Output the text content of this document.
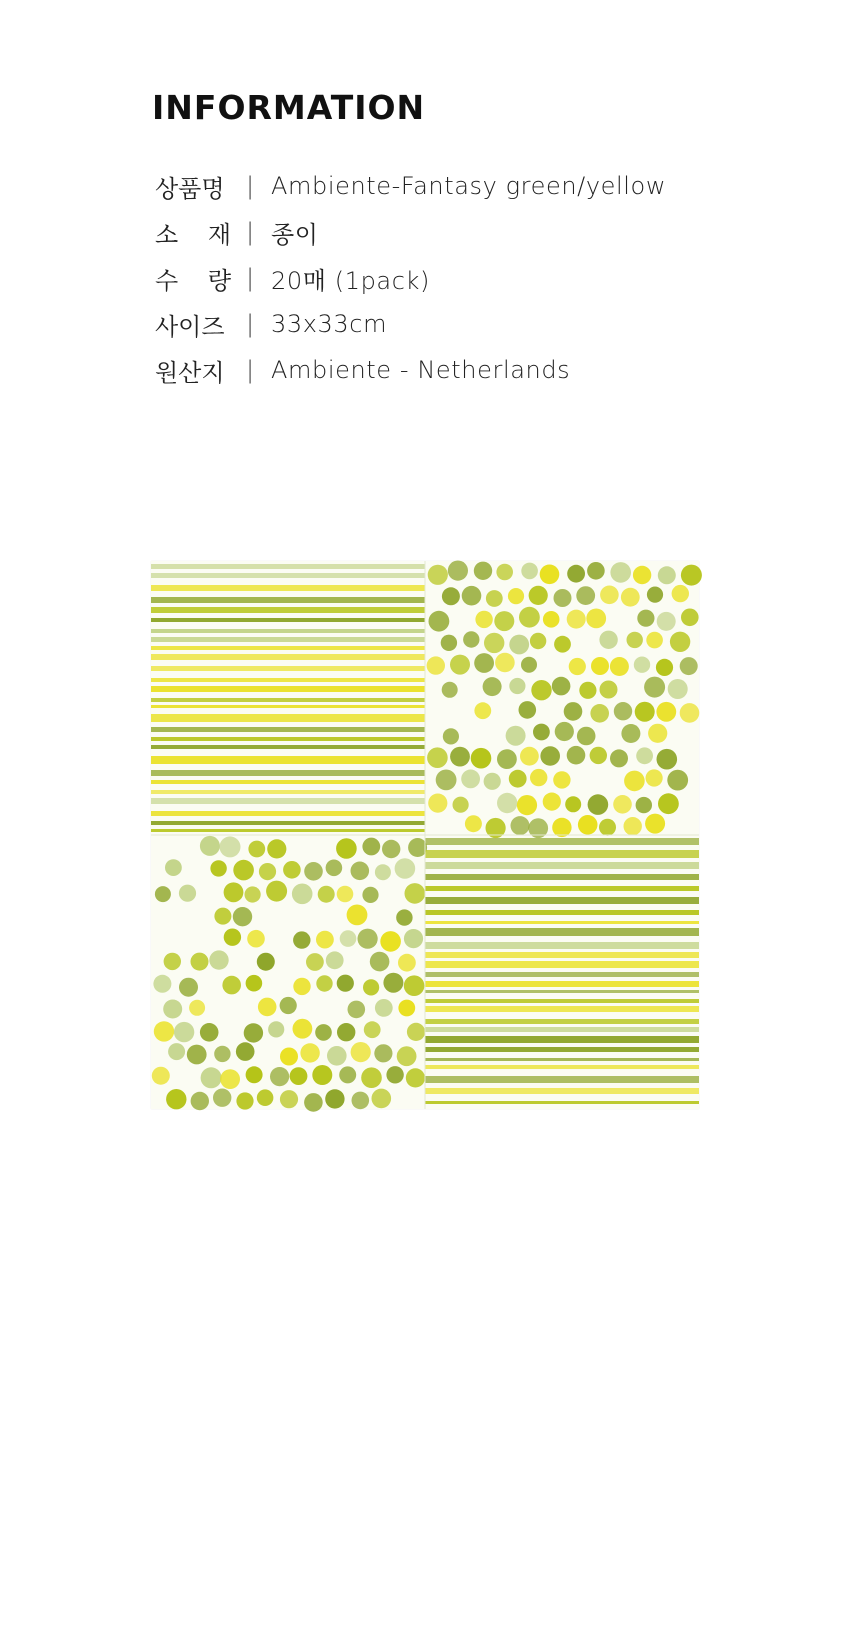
INFORMATION
상품명 | Ambiente-Fantasy green/yellow
소 재 | 종이
수 량 | 20매 (1pack)
사이즈 | 33x33cm
원산지 | Ambiente - Netherlands
LULUFINGER
